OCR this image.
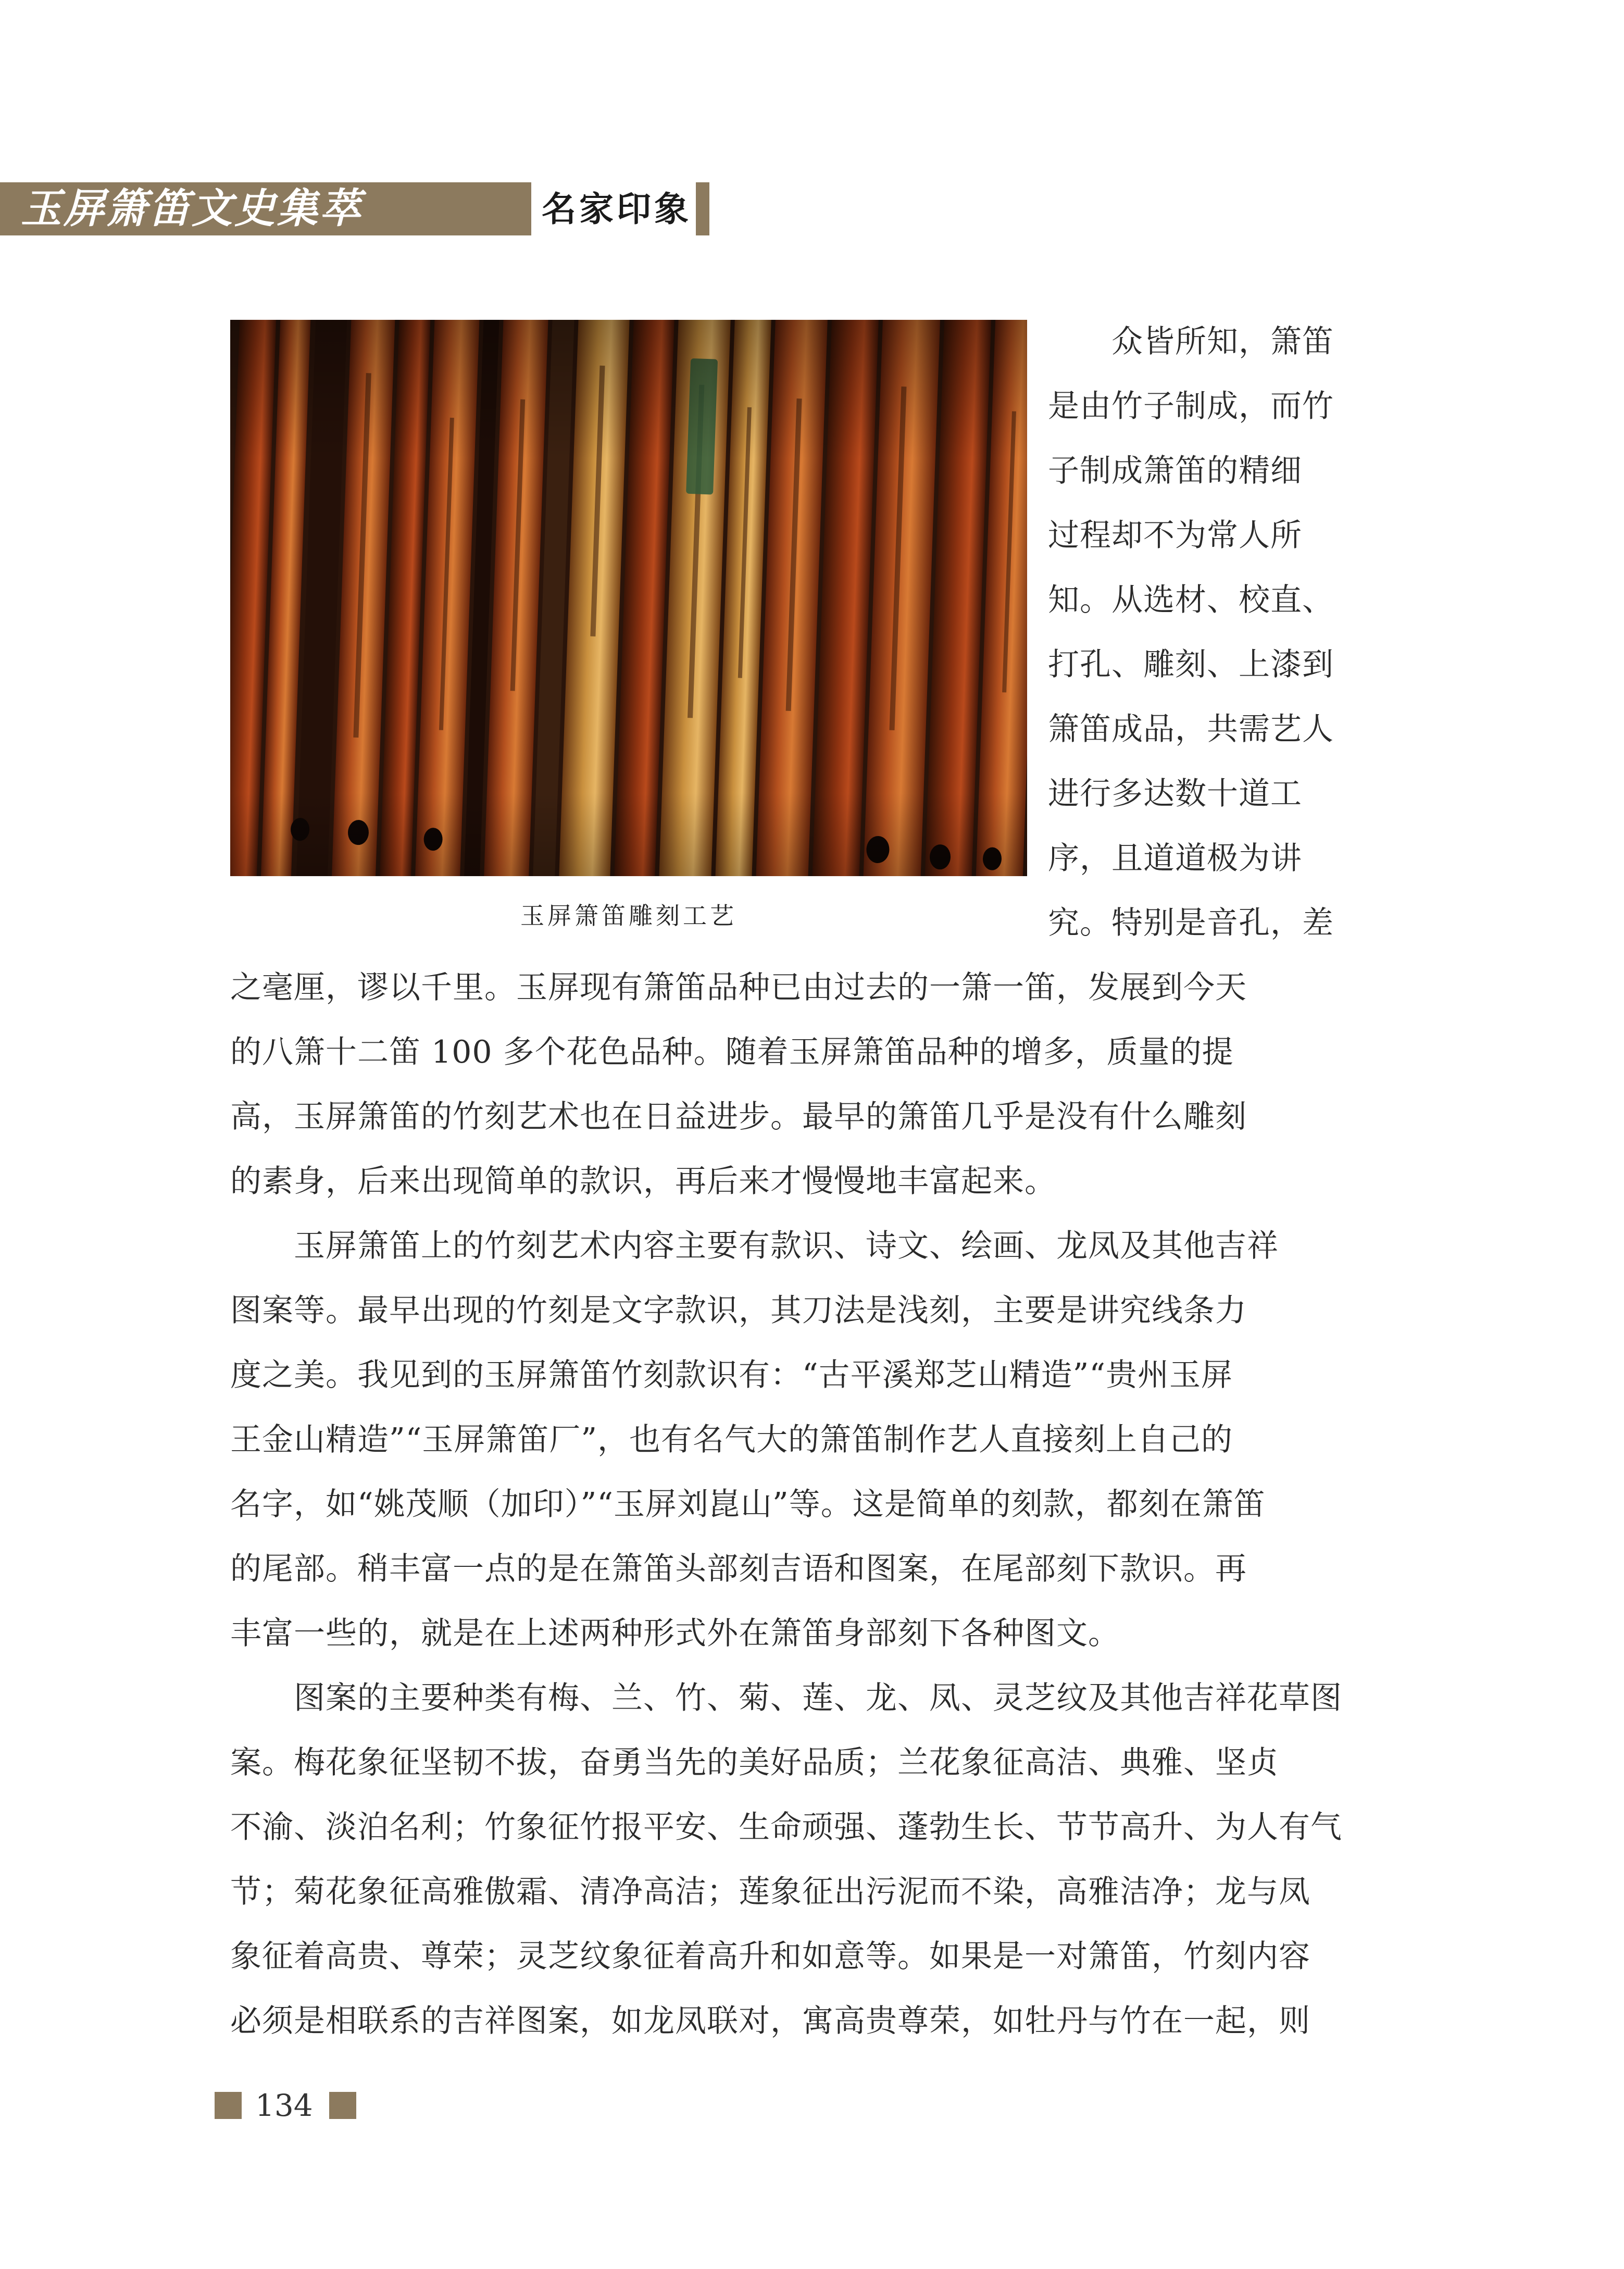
玉屏箫笛文史集萃	名家印象
玉屏箫笛雕刻工艺
　　众皆所知，箫笛
是由竹子制成，而竹
子制成箫笛的精细
过程却不为常人所
知。从选材、校直、
打孔、雕刻、上漆到
箫笛成品，共需艺人
进行多达数十道工
序，且道道极为讲
究。特别是音孔，差
之毫厘，谬以千里。玉屏现有箫笛品种已由过去的一箫一笛，发展到今天
的八箫十二笛 100 多个花色品种。随着玉屏箫笛品种的增多，质量的提
高，玉屏箫笛的竹刻艺术也在日益进步。最早的箫笛几乎是没有什么雕刻
的素身，后来出现简单的款识，再后来才慢慢地丰富起来。
　　玉屏箫笛上的竹刻艺术内容主要有款识、诗文、绘画、龙凤及其他吉祥
图案等。最早出现的竹刻是文字款识，其刀法是浅刻，主要是讲究线条力
度之美。我见到的玉屏箫笛竹刻款识有：“古平溪郑芝山精造”“贵州玉屏
王金山精造”“玉屏箫笛厂”，也有名气大的箫笛制作艺人直接刻上自己的
名字，如“姚茂顺（加印）”“玉屏刘崑山”等。这是简单的刻款，都刻在箫笛
的尾部。稍丰富一点的是在箫笛头部刻吉语和图案，在尾部刻下款识。再
丰富一些的，就是在上述两种形式外在箫笛身部刻下各种图文。
　　图案的主要种类有梅、兰、竹、菊、莲、龙、凤、灵芝纹及其他吉祥花草图
案。梅花象征坚韧不拔，奋勇当先的美好品质；兰花象征高洁、典雅、坚贞
不渝、淡泊名利；竹象征竹报平安、生命顽强、蓬勃生长、节节高升、为人有气
节；菊花象征高雅傲霜、清净高洁；莲象征出污泥而不染，高雅洁净；龙与凤
象征着高贵、尊荣；灵芝纹象征着高升和如意等。如果是一对箫笛，竹刻内容
必须是相联系的吉祥图案，如龙凤联对，寓高贵尊荣，如牡丹与竹在一起，则
134
